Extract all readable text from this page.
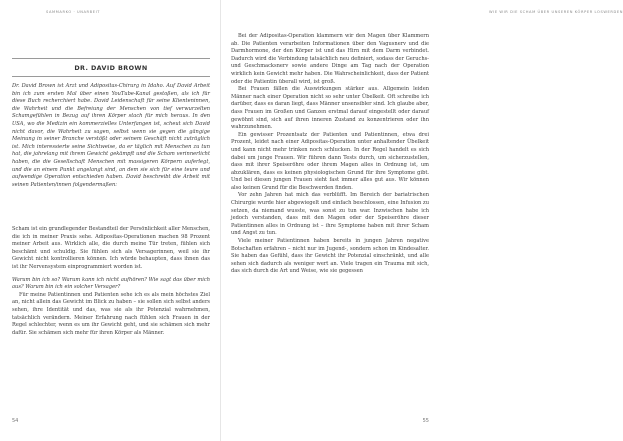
SAMMARKO · UNARBEIT
DR. DAVID BROWN

Dr. David Brown ist Arzt und Adipositas-Chirurg in Idaho. Auf David Arbeit bin ich zum ersten Mal über einen YouTube-Kanal gestoßen, als ich für diese Buch recherchiert habe. David Leidenschaft für seine Klienteninnen, die Wahrheit und die Befreiung der Menschen von tief verwurzelten Schamgefühlen in Bezug auf ihren Körper stach für mich heraus. In den USA, wo die Medizin ein kommerzielles Unterfangen ist, scheut sich David nicht davor, die Wahrheit zu sagen, selbst wenn sie gegen die gängige Meinung in seiner Branche verstößt oder seinem Geschäft nicht zuträglich ist. Mich interessierte seine Sichtweise, da er täglich mit Menschen zu tun hat, die jahrelang mit ihrem Gewicht gekämpft und die Scham verinnerlicht haben, die die Gesellschaft Menschen mit massigeren Körpern auferlegt, und die an einem Punkt angelangt sind, an dem sie sich für eine teure und aufwendige Operation entschieden haben. David beschreibt die Arbeit mit seinen Patienten/innen folgendermaßen:

Scham ist ein grundlegender Bestandteil der Persönlichkeit aller Menschen, die ich in meiner Praxis sehe. Adipositas-Operationen machen 98 Prozent meiner Arbeit aus. Wirklich alle, die durch meine Tür treten, fühlen sich beschämt und schuldig. Sie fühlen sich als Versagerinnen, weil sie ihr Gewicht nicht kontrollieren können. Ich würde behaupten, dass ihnen das ist ihr Nervensystem einprogrammiert worden ist.

Warum bin ich so? Warum kann ich nicht aufhören? Wie sagt das über mich aus? Warum bin ich ein solcher Versager?

Für meine Patientinnen und Patienten sehe ich es als mein höchstes Ziel an, nicht allein das Gewicht im Blick zu haben – sie sollen sich selbst anders sehen, ihre Identität und das, was sie als ihr Potenzial wahrnehmen, tatsächlich verändern. Meiner Erfahrung nach fühlen sich Frauen in der Regel schlechter, wenn es um ihr Gewicht geht, und sie schämen sich mehr dafür. Sie schämen sich mehr für ihren Körper als Männer.

54
WIE WIR DIE SCHAM ÜBER UNSEREN KÖRPER LOSWERDEN

Bei der Adipositas-Operation klammern wir den Magen über Klammern ab. Die Patienten verarbeiten Informationen über den Vagusnerv und die Darmhormone, der den Körper ist und das Hirn mit dem Darm verbindet. Dadurch wird die Verbindung tatsächlich neu definiert, sodass der Geruchs- und Geschmacksnerv sowie andere Dinge am Tag nach der Operation wirklich kein Gewicht mehr haben. Die Wahrscheinlichkeit, dass der Patient oder die Patientin überall wird, ist groß.

Bei Frauen fällen die Auswirkungen stärker aus. Allgemein leiden Männer nach einer Operation nicht so sehr unter Übelkeit. Oft schreibe ich darüber, dass es daran liegt, dass Männer unsensibler sind. Ich glaube aber, dass Frauen im Großen und Ganzen erstmal darauf eingestellt oder darauf gewöhnt sind, sich auf ihren inneren Zustand zu konzentrieren oder ihn wahrzunehmen.

Ein gewisser Prozentsatz der Patienten und Patientinnen, etwa drei Prozent, leidet nach einer Adipositas-Operation unter anhaltender Übelkeit und kann nicht mehr trinken noch schlucken. In der Regel handelt es sich dabei um junge Frauen. Wir führen dann Tests durch, um sicherzustellen, dass mit ihrer Speiseröhre oder ihrem Magen alles in Ordnung ist, um abzuklären, dass es keinen physiologischen Grund für ihre Symptome gibt. Und bei diesen jungen Frauen sieht fast immer alles gut aus. Wir können also keinen Grund für die Beschwerden finden.

Vor zehn Jahren hat mich das verblüfft. Im Bereich der bariatrischen Chirurgie wurde hier abgewiegelt und einfach beschlossen, eine Infusion zu setzen, da niemand wusste, was sonst zu tun war. Inzwischen habe ich jedoch verstanden, dass mit den Magen oder der Speiseröhre dieser Patientinnen alles in Ordnung ist – ihre Symptome haben mit ihrer Scham und Angst zu tun.

Viele meiner Patientinnen haben bereits in jungen Jahren negative Botschaften erfahren – nicht nur im Jugend-, sondern schon im Kindesalter. Sie haben das Gefühl, dass ihr Gewicht ihr Potenzial einschränkt, und alle sehen sich dadurch als weniger wert an. Viele tragen ein Trauma mit sich, das sich durch die Art und Weise, wie sie gegessen

55
